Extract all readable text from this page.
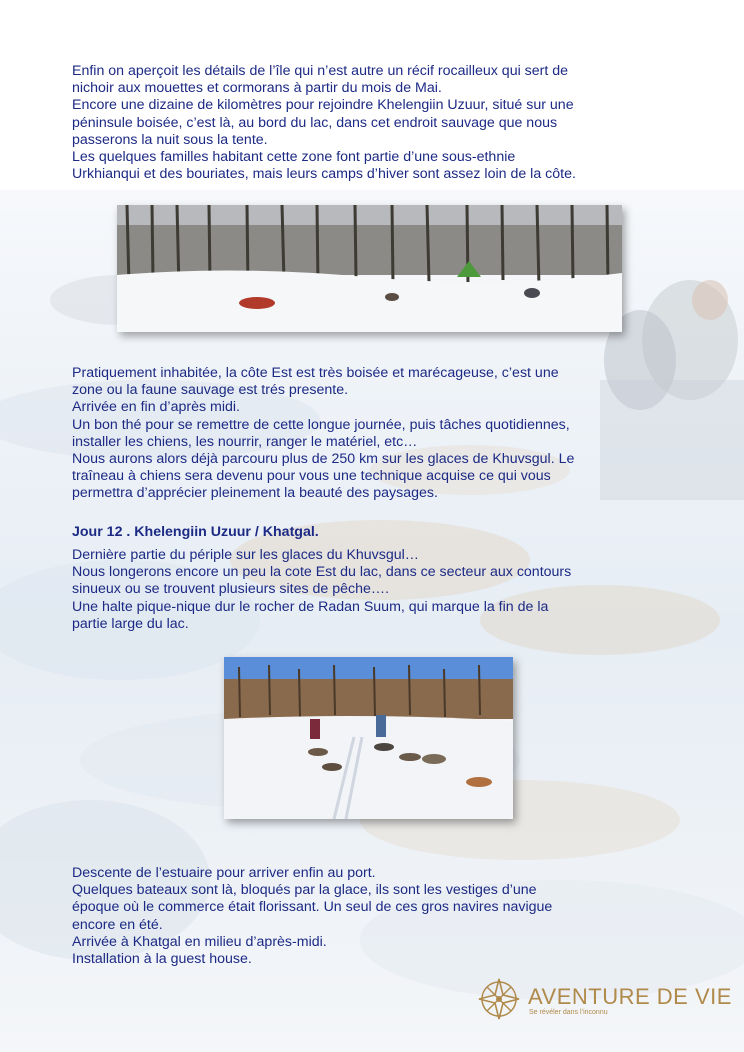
Enfin on aperçoit les détails de l’île qui n’est autre un récif rocailleux qui sert de

nichoir aux mouettes et cormorans à partir du mois de Mai.

Encore une dizaine de kilomètres pour rejoindre Khelengiin Uzuur, situé sur une

péninsule boisée, c’est là, au bord du lac, dans cet endroit sauvage que nous

passerons la nuit sous la tente.

Les quelques familles habitant cette zone font partie d’une sous-ethnie

Urkhianqui et des bouriates, mais leurs camps d’hiver sont assez loin de la côte.

Pratiquement inhabitée, la côte Est est très boisée et marécageuse, c’est une

zone ou la faune sauvage est trés presente.

Arrivée en fin d’après midi.

Un bon thé pour se remettre de cette longue journée, puis tâches quotidiennes,

installer les chiens, les nourrir, ranger le matériel, etc…

Nous aurons alors déjà parcouru plus de 250 km sur les glaces de Khuvsgul. Le

traîneau à chiens sera devenu pour vous une technique acquise ce qui vous

permettra d’apprécier pleinement la beauté des paysages.

Jour 12 . Khelengiin Uzuur / Khatgal.

Dernière partie du périple sur les glaces du Khuvsgul…

Nous longerons encore un peu la cote Est du lac, dans ce secteur aux contours

sinueux ou se trouvent plusieurs sites de pêche….

Une halte pique-nique dur le rocher de Radan Suum, qui marque la fin de la

partie large du lac.

Descente de l’estuaire pour arriver enfin au port.

Quelques bateaux sont là, bloqués par la glace, ils sont les vestiges d’une

époque où le commerce était florissant. Un seul de ces gros navires navigue

encore en été.

Arrivée à Khatgal en milieu d’après-midi.

Installation à la guest house.

AVENTURE DE VIE
Se révéler dans l’inconnu
